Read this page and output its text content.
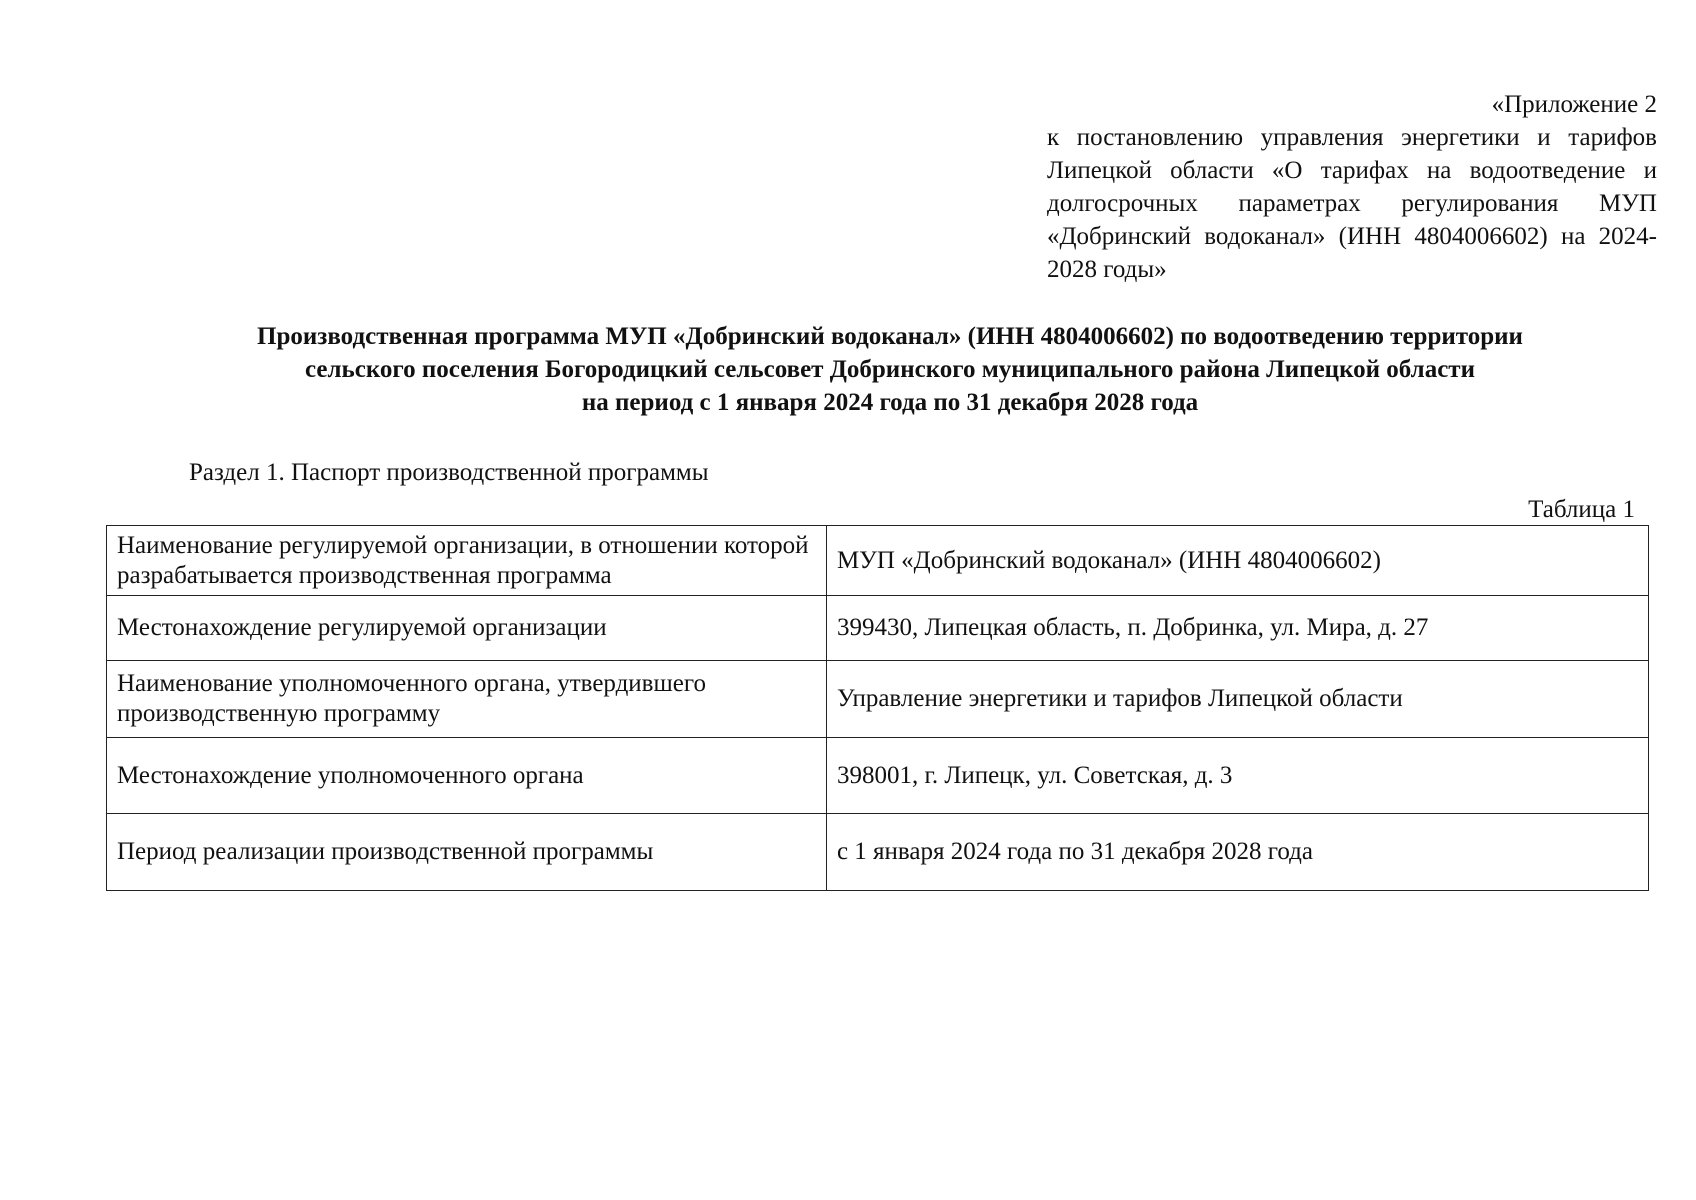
«Приложение 2
к постановлению управления энергетики и тарифов Липецкой области «О тарифах на водоотведение и долгосрочных параметрах регулирования МУП «Добринский водоканал» (ИНН 4804006602) на 2024-2028 годы»
Производственная программа МУП «Добринский водоканал» (ИНН 4804006602) по водоотведению территории
сельского поселения Богородицкий сельсовет Добринского муниципального района Липецкой области
на период с 1 января 2024 года по 31 декабря 2028 года
Раздел 1. Паспорт производственной программы
Таблица 1
Наименование регулируемой организации, в отношении которой разрабатывается производственная программа	МУП «Добринский водоканал» (ИНН 4804006602)
Местонахождение регулируемой организации	399430, Липецкая область, п. Добринка, ул. Мира, д. 27
Наименование уполномоченного органа, утвердившего производственную программу	Управление энергетики и тарифов Липецкой области
Местонахождение уполномоченного органа	398001, г. Липецк, ул. Советская, д. 3
Период реализации производственной программы	с 1 января 2024 года по 31 декабря 2028 года
